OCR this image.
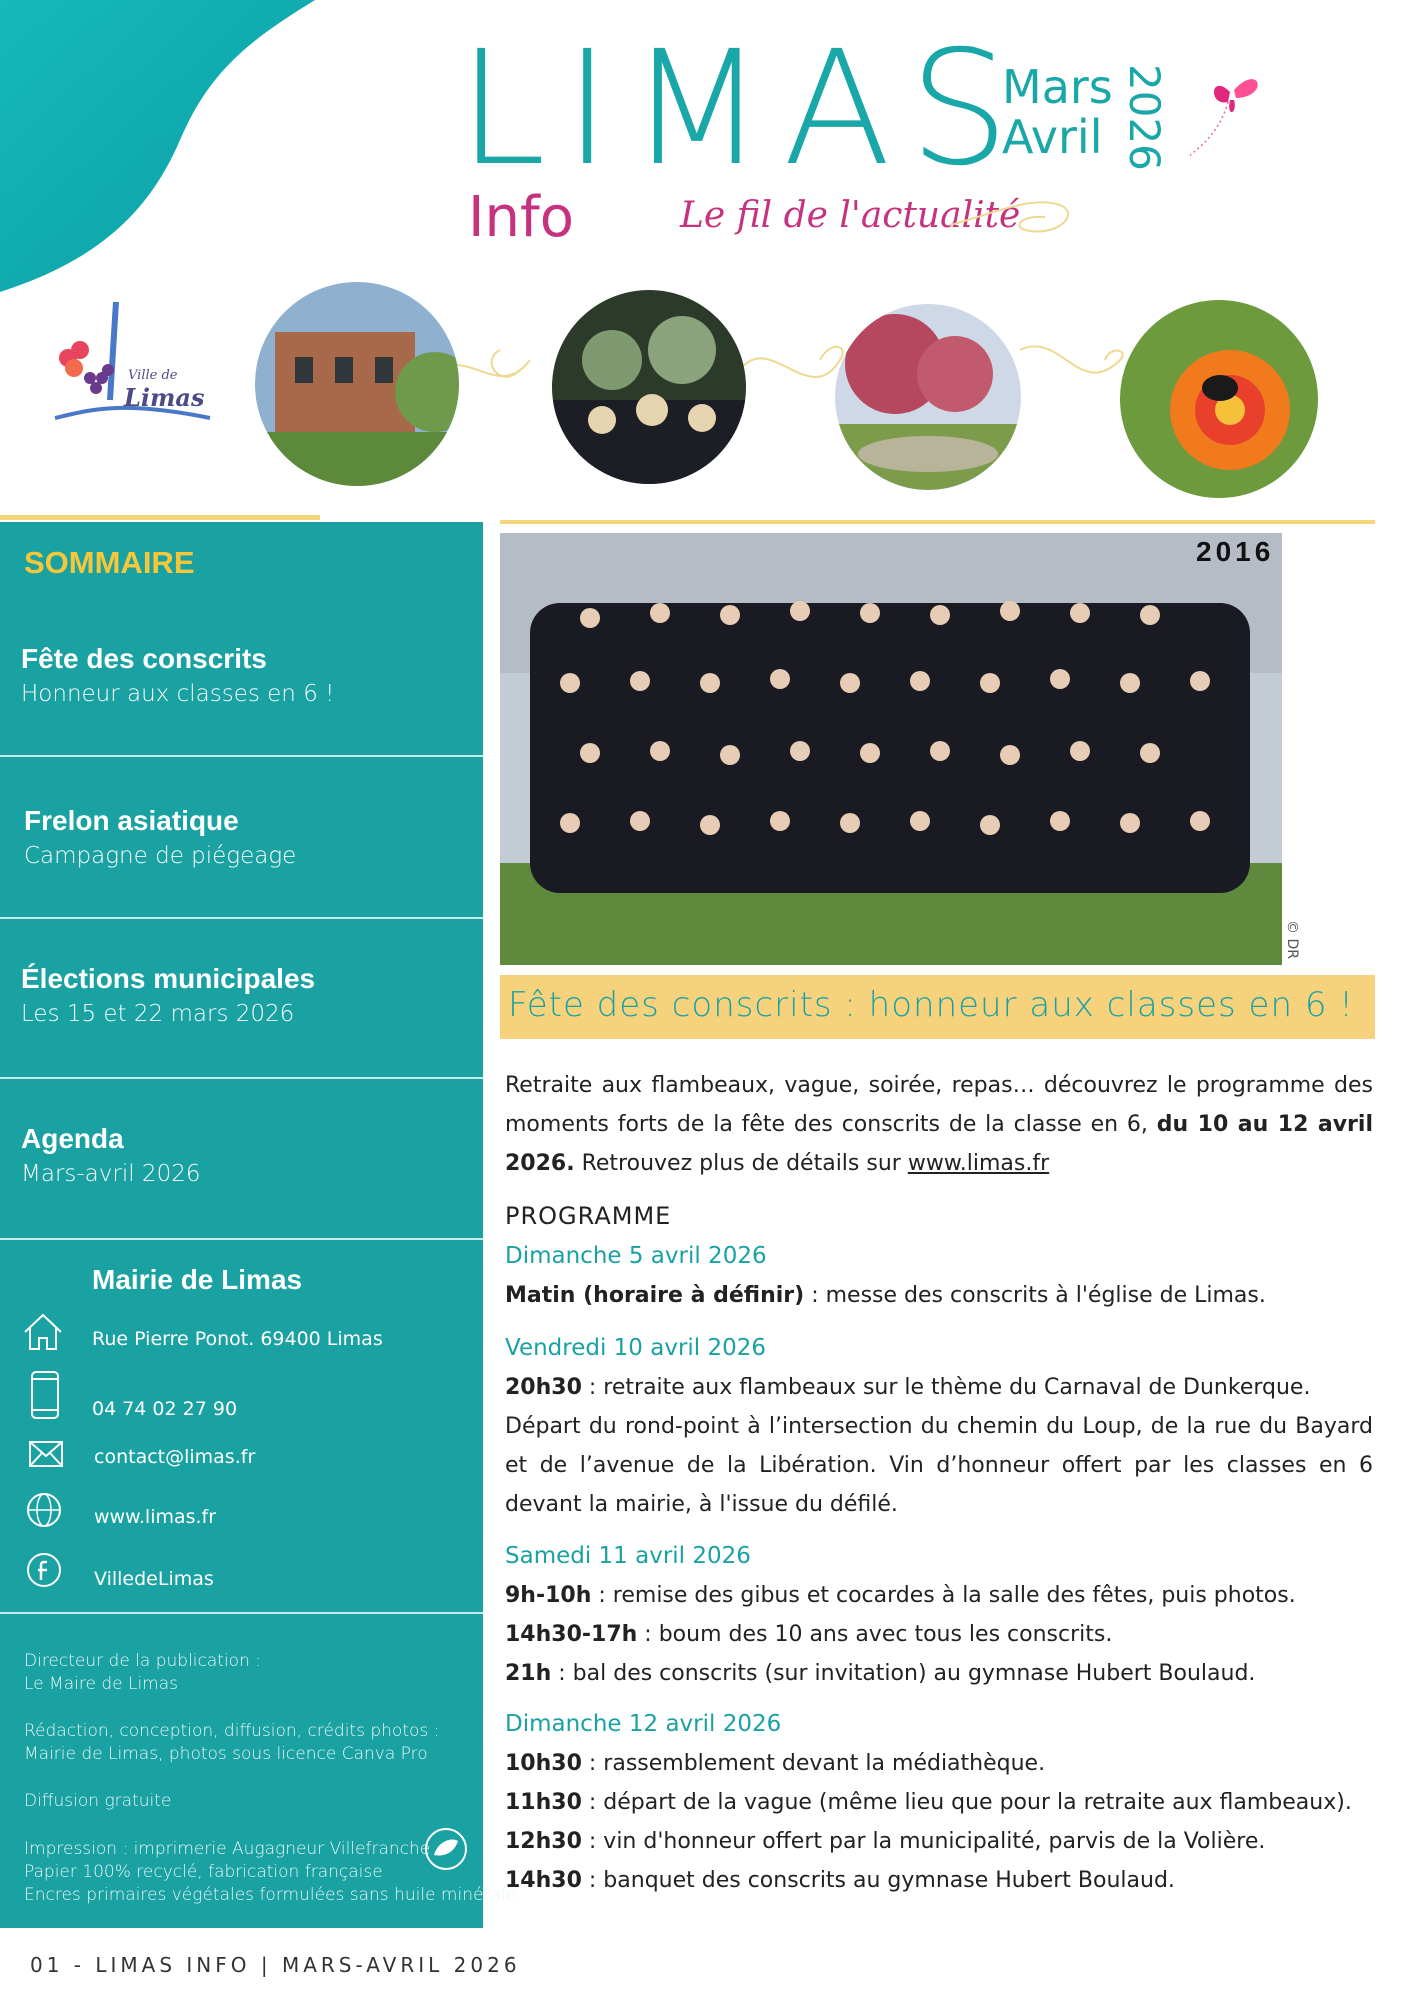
LIMAS
Mars
Avril 2026
Info	Le fil de l'actualité
Ville de
Limas
SOMMAIRE
Fête des conscrits
Honneur aux classes en 6 !
Frelon asiatique
Campagne de piégeage
Élections municipales
Les 15 et 22 mars 2026
Agenda
Mars-avril 2026
Mairie de Limas
Rue Pierre Ponot. 69400 Limas
04 74 02 27 90
contact@limas.fr
www.limas.fr
VilledeLimas
Directeur de la publication :
Le Maire de Limas
Rédaction, conception, diffusion, crédits photos :
Mairie de Limas, photos sous licence Canva Pro
Diffusion gratuite
Impression : imprimerie Augagneur Villefranche
Papier 100% recyclé, fabrication française
Encres primaires végétales formulées sans huile minérale
2016
© DR
Fête des conscrits : honneur aux classes en 6 !
Retraite aux flambeaux, vague, soirée, repas… découvrez le programme des moments forts de la fête des conscrits de la classe en 6, du 10 au 12 avril 2026. Retrouvez plus de détails sur www.limas.fr
PROGRAMME
Dimanche 5 avril 2026
Matin (horaire à définir) : messe des conscrits à l'église de Limas.
Vendredi 10 avril 2026
20h30 : retraite aux flambeaux sur le thème du Carnaval de Dunkerque.
Départ du rond-point à l’intersection du chemin du Loup, de la rue du Bayard et de l’avenue de la Libération. Vin d’honneur offert par les classes en 6 devant la mairie, à l'issue du défilé.
Samedi 11 avril 2026
9h-10h : remise des gibus et cocardes à la salle des fêtes, puis photos.
14h30-17h : boum des 10 ans avec tous les conscrits.
21h : bal des conscrits (sur invitation) au gymnase Hubert Boulaud.
Dimanche 12 avril 2026
10h30 : rassemblement devant la médiathèque.
11h30 : départ de la vague (même lieu que pour la retraite aux flambeaux).
12h30 : vin d'honneur offert par la municipalité, parvis de la Volière.
14h30 : banquet des conscrits au gymnase Hubert Boulaud.
01 - LIMAS INFO | MARS-AVRIL 2026
